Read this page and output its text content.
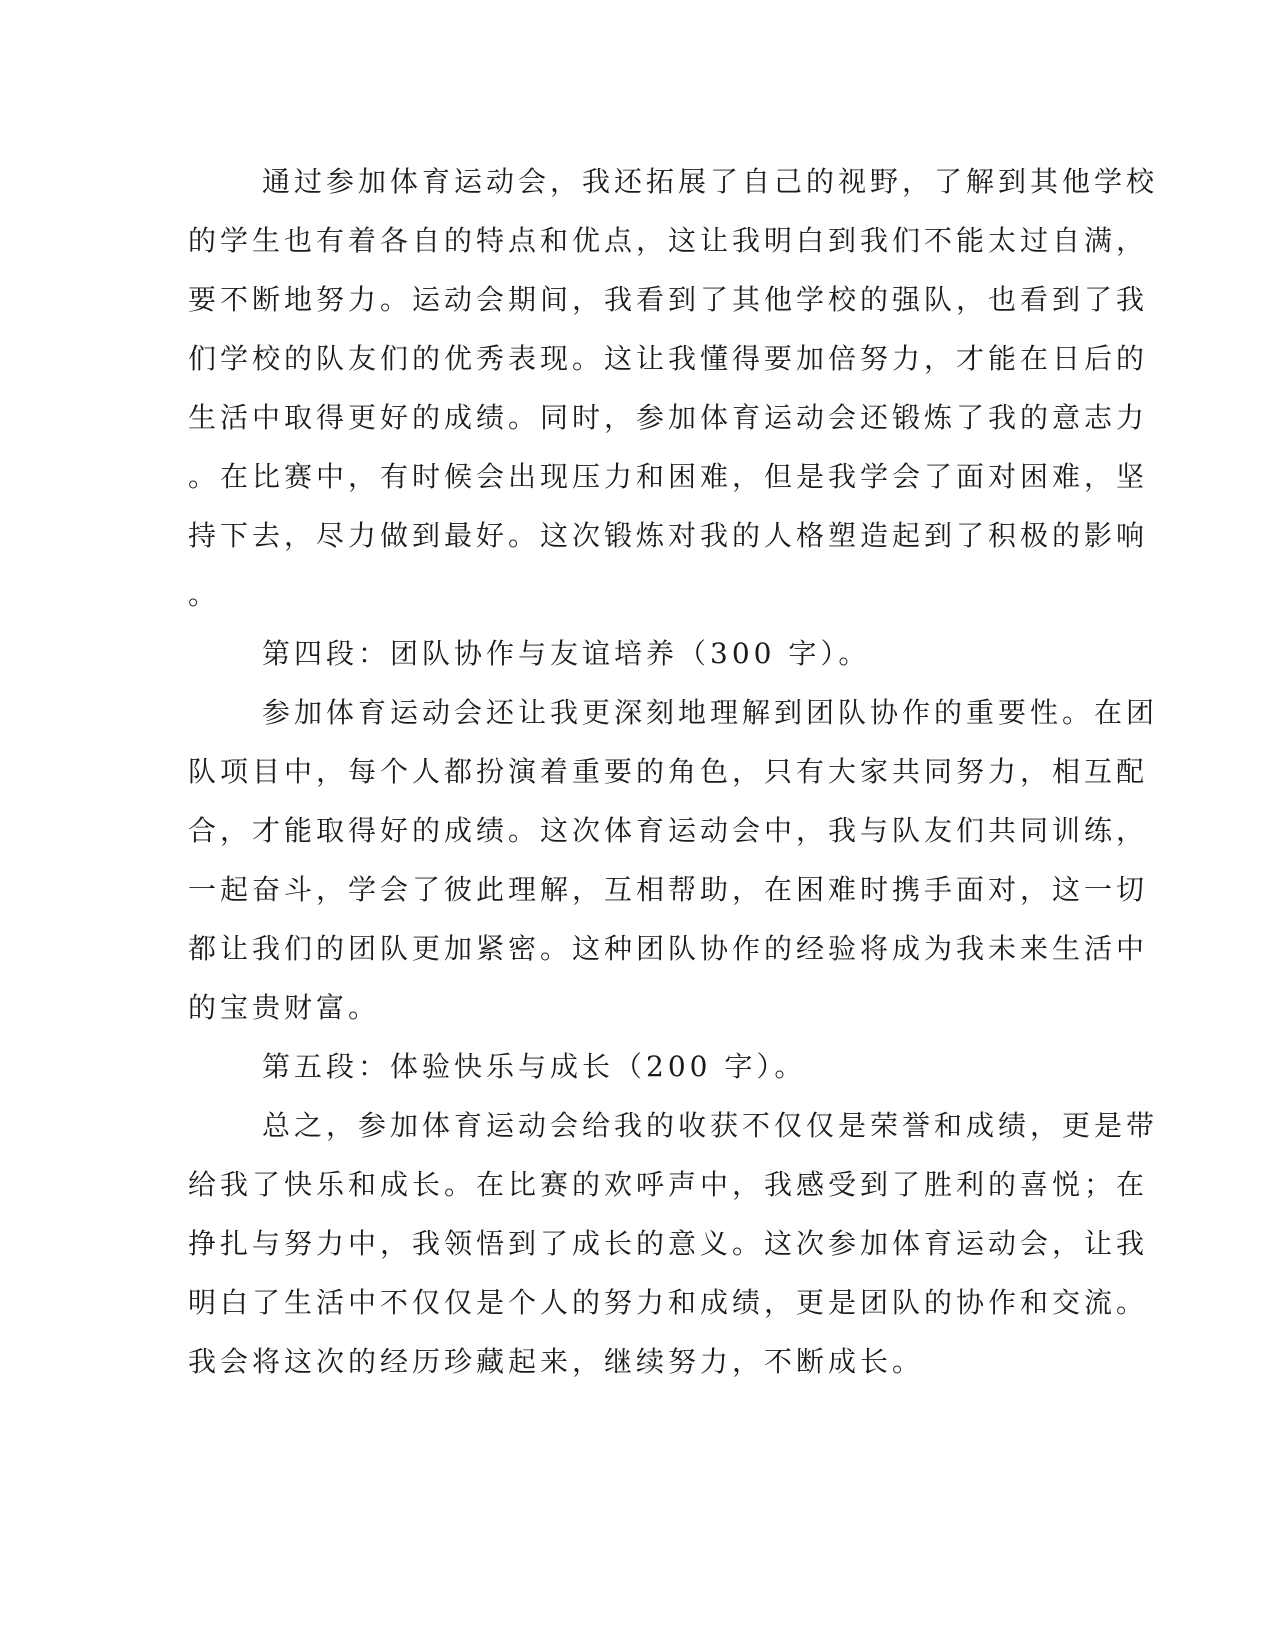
通过参加体育运动会，我还拓展了自己的视野，了解到其他学校

的学生也有着各自的特点和优点，这让我明白到我们不能太过自满，

要不断地努力。运动会期间，我看到了其他学校的强队，也看到了我

们学校的队友们的优秀表现。这让我懂得要加倍努力，才能在日后的

生活中取得更好的成绩。同时，参加体育运动会还锻炼了我的意志力

。在比赛中，有时候会出现压力和困难，但是我学会了面对困难，坚

持下去，尽力做到最好。这次锻炼对我的人格塑造起到了积极的影响

。

第四段：团队协作与友谊培养（300 字）。

参加体育运动会还让我更深刻地理解到团队协作的重要性。在团

队项目中，每个人都扮演着重要的角色，只有大家共同努力，相互配

合，才能取得好的成绩。这次体育运动会中，我与队友们共同训练，

一起奋斗，学会了彼此理解，互相帮助，在困难时携手面对，这一切

都让我们的团队更加紧密。这种团队协作的经验将成为我未来生活中

的宝贵财富。

第五段：体验快乐与成长（200 字）。

总之，参加体育运动会给我的收获不仅仅是荣誉和成绩，更是带

给我了快乐和成长。在比赛的欢呼声中，我感受到了胜利的喜悦；在

挣扎与努力中，我领悟到了成长的意义。这次参加体育运动会，让我

明白了生活中不仅仅是个人的努力和成绩，更是团队的协作和交流。

我会将这次的经历珍藏起来，继续努力，不断成长。
